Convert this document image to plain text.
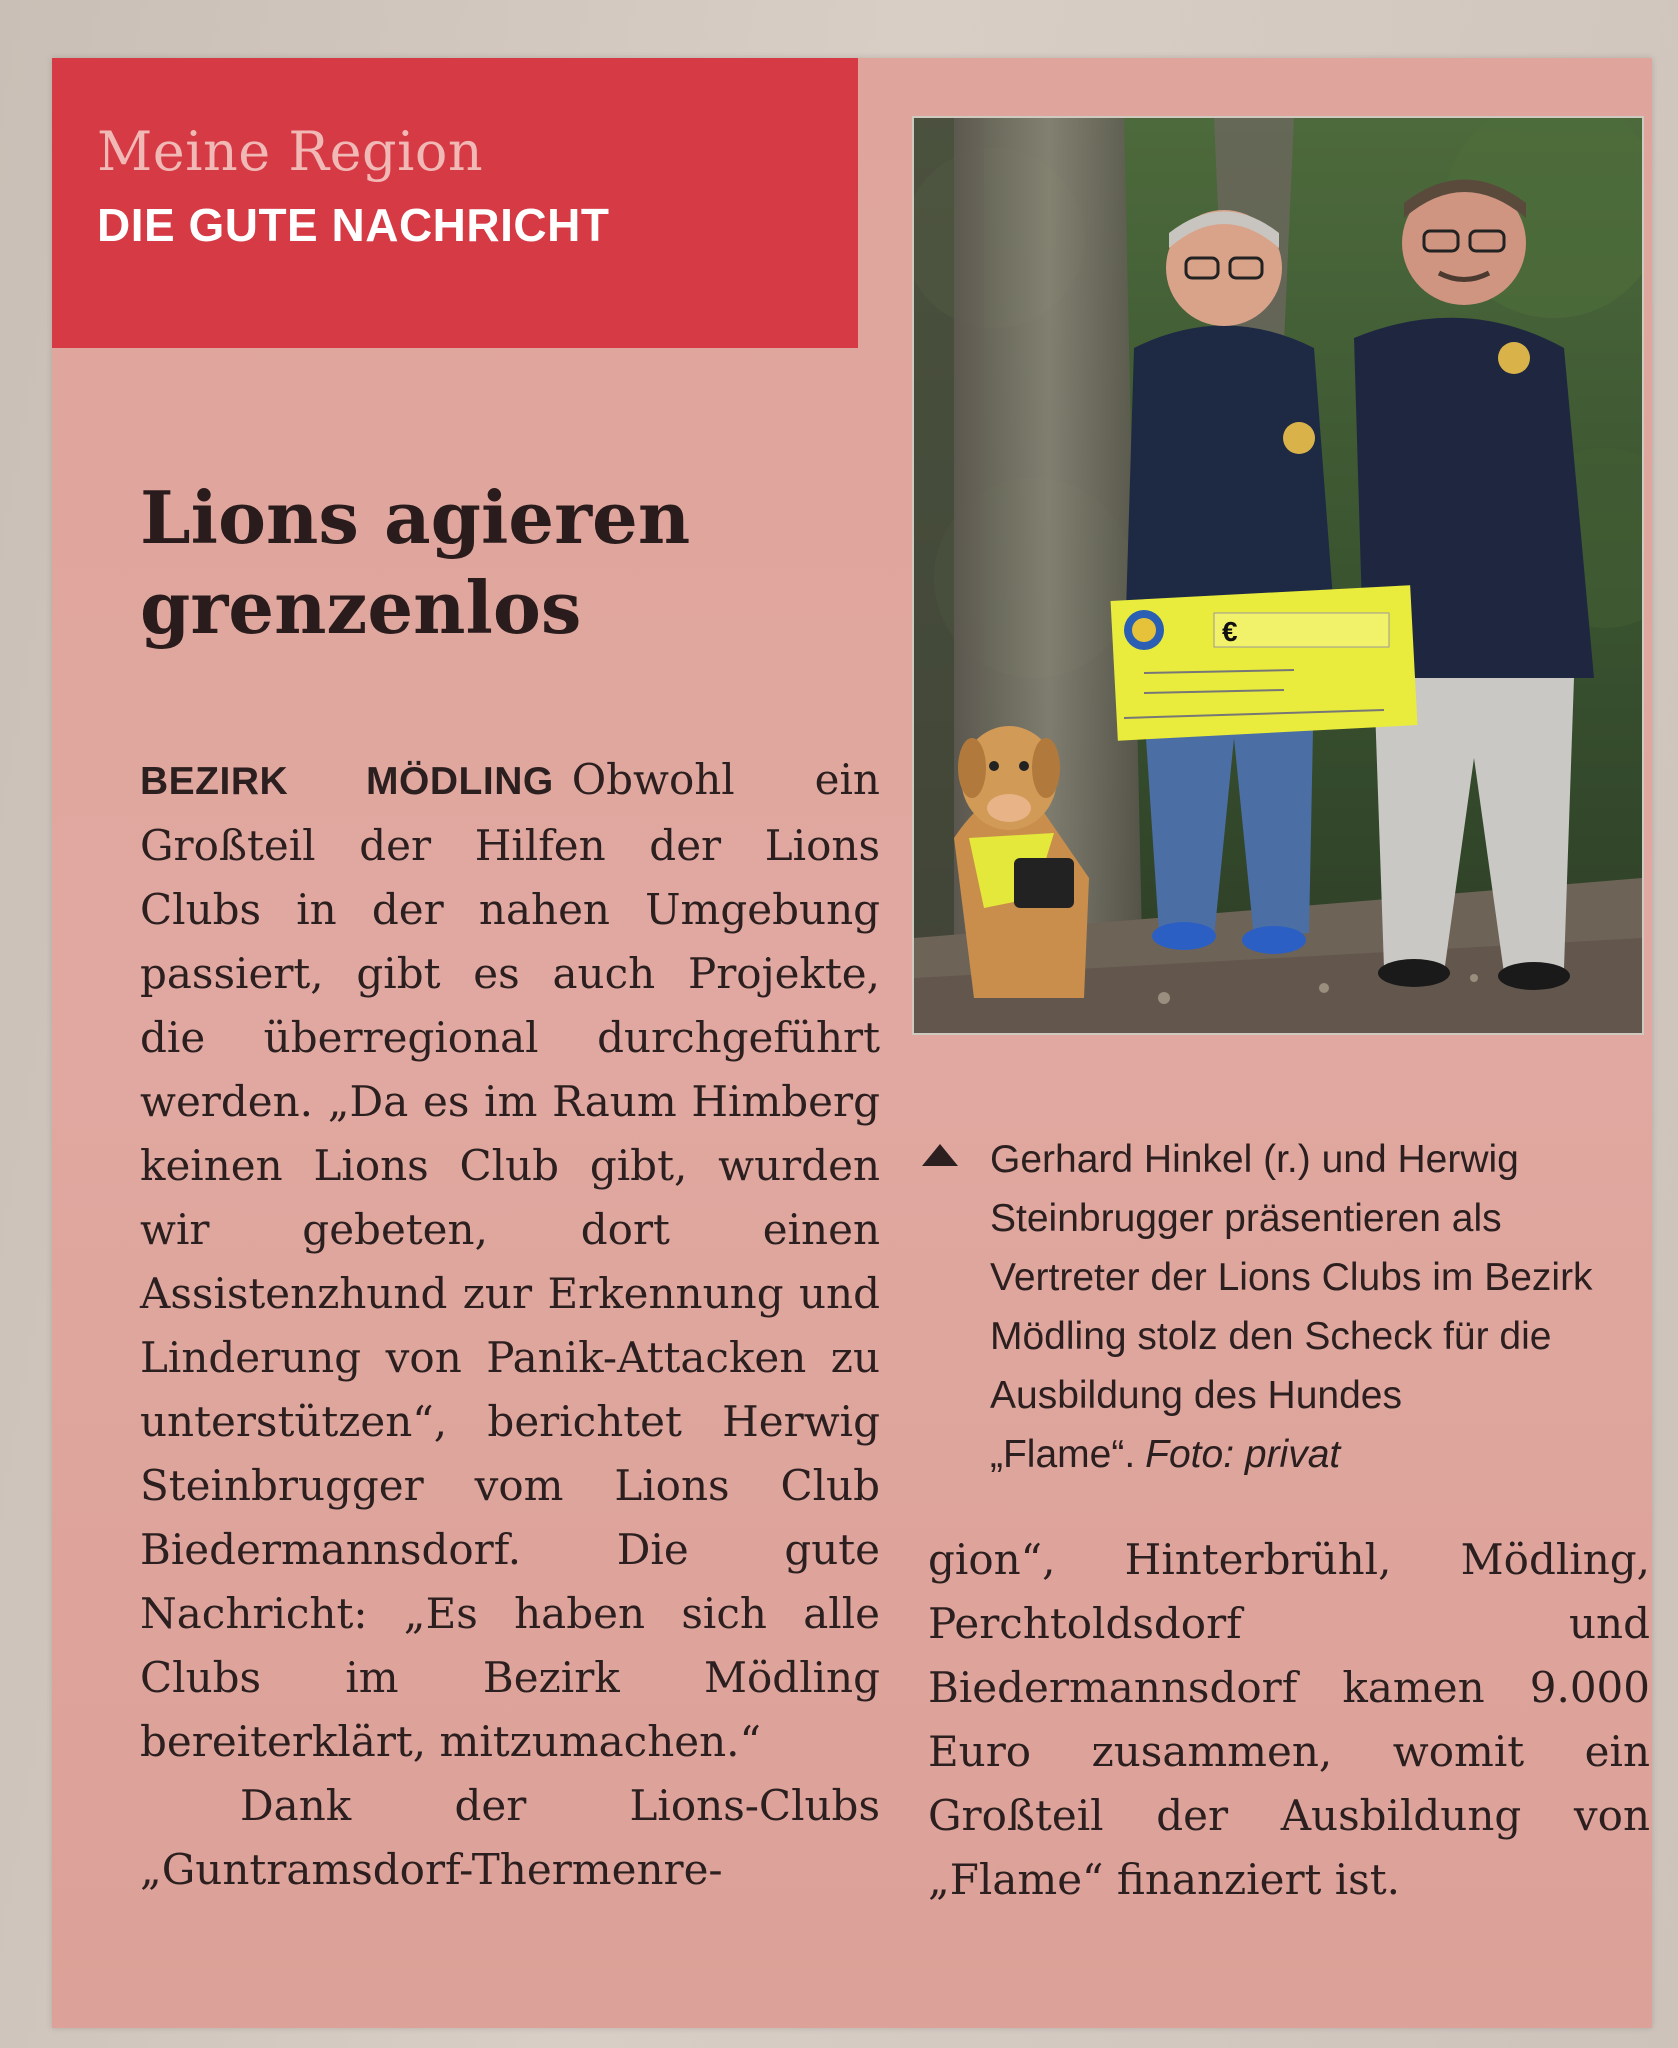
Meine Region
DIE GUTE NACHRICHT
Lions agieren
grenzenlos

BEZIRK MÖDLING Obwohl ein Großteil der Hilfen der Lions Clubs in der nahen Umgebung passiert, gibt es auch Projekte, die überregional durchgeführt werden. „Da es im Raum Himberg keinen Lions Club gibt, wurden wir gebeten, dort einen Assistenzhund zur Erkennung und Linderung von Panik-Attacken zu unterstützen“, berichtet Herwig Steinbrugger vom Lions Club Biedermannsdorf. Die gute Nachricht: „Es haben sich alle Clubs im Bezirk Mödling bereiterklärt, mitzumachen.“

Dank der Lions-Clubs „Guntramsdorf-Thermenre-

€
Gerhard Hinkel (r.) und Herwig Steinbrugger präsentieren als Vertreter der Lions Clubs im Bezirk Mödling stolz den Scheck für die Ausbildung des Hundes „Flame“. Foto: privat

gion“, Hinterbrühl, Mödling, Perchtoldsdorf und Biedermannsdorf kamen 9.000 Euro zusammen, womit ein Großteil der Ausbildung von „Flame“ finanziert ist.
